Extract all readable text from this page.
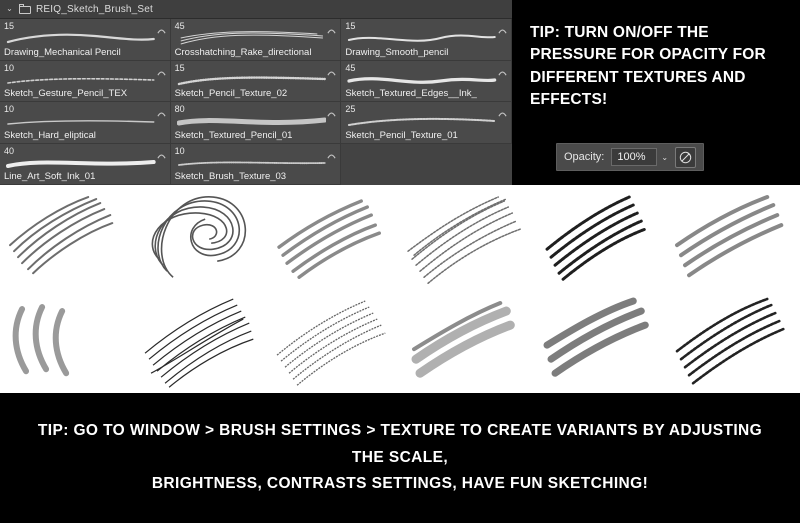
⌄ REIQ_Sketch_Brush_Set
15
Drawing_Mechanical Pencil
45
Crosshatching_Rake_directional
15
Drawing_Smooth_pencil
10
Sketch_Gesture_Pencil_TEX
15
Sketch_Pencil_Texture_02
45
Sketch_Textured_Edges__Ink_
10
Sketch_Hard_eliptical
80
Sketch_Textured_Pencil_01
25
Sketch_Pencil_Texture_01
40
Line_Art_Soft_Ink_01
10
Sketch_Brush_Texture_03
TIP: TURN ON/OFF THE PRESSURE FOR OPACITY FOR DIFFERENT TEXTURES AND EFFECTS!
Opacity:	100%	⌄
TIP: GO TO WINDOW > BRUSH SETTINGS > TEXTURE TO CREATE VARIANTS BY ADJUSTING THE SCALE,
BRIGHTNESS, CONTRASTS SETTINGS, HAVE FUN SKETCHING!
